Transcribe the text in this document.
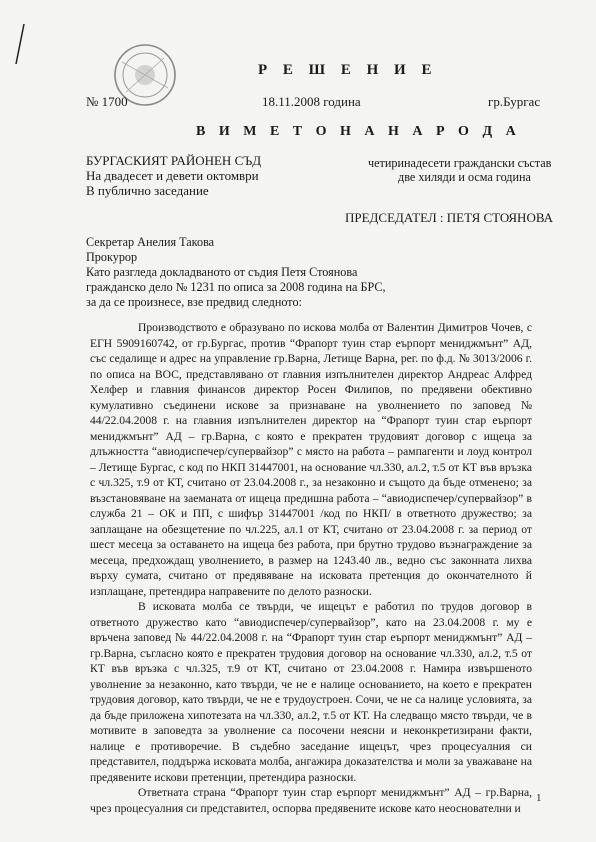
Р Е Ш Е Н И Е
№ 1700	18.11.2008 година	гр.Бургас
В И М Е Т О Н А Н А Р О Д А
БУРГАСКИЯТ РАЙОНЕН СЪД	четиринадесети граждански състав
На двадесет и девети октомври	две хиляди и осма година
В публично заседание
ПРЕДСЕДАТЕЛ : ПЕТЯ СТОЯНОВА
Секретар Анелия Такова
Прокурор
Като разгледа докладваното от съдия Петя Стоянова
гражданско дело № 1231 по описа за 2008 година на БРС,
за да се произнесе, взе предвид следното:

Производството е образувано по искова молба от Валентин Димитров Чочев, с ЕГН 5909160742, от гр.Бургас, против “Фрапорт туин стар еърпорт мениджмънт” АД, със седалище и адрес на управление гр.Варна, Летище Варна, рег. по ф.д. № 3013/2006 г. по описа на ВОС, представлявано от главния изпълнителен директор Андреас Алфред Хелфер и главния финансов директор Росен Филипов, по предявени обективно кумулативно съединени искове за признаване на уволнението по заповед № 44/22.04.2008 г. на главния изпълнителен директор на “Фрапорт туин стар еърпорт мениджмънт” АД – гр.Варна, с която е прекратен трудовият договор с ищеца за длъжността “авиодиспечер/супервайзор” с място на работа – рампагенти и лоуд контрол – Летище Бургас, с код по НКП 31447001, на основание чл.330, ал.2, т.5 от КТ във връзка с чл.325, т.9 от КТ, считано от 23.04.2008 г., за незаконно и същото да бъде отменено; за възстановяване на заеманата от ищеца предишна работа – “авиодиспечер/супервайзор” в служба 21 – ОК и ПП, с шифър 31447001 /код по НКП/ в ответното дружество; за заплащане на обезщетение по чл.225, ал.1 от КТ, считано от 23.04.2008 г. за период от шест месеца за оставането на ищеца без работа, при брутно трудово възнаграждение за месеца, предхождащ уволнението, в размер на 1243.40 лв., ведно със законната лихва върху сумата, считано от предявяване на исковата претенция до окончателното й изплащане, претендира направените по делото разноски.

В исковата молба се твърди, че ищецът е работил по трудов договор в ответното дружество като “авиодиспечер/супервайзор”, като на 23.04.2008 г. му е връчена заповед № 44/22.04.2008 г. на “Фрапорт туин стар еърпорт мениджмънт” АД – гр.Варна, съгласно която е прекратен трудовия договор на основание чл.330, ал.2, т.5 от КТ във връзка с чл.325, т.9 от КТ, считано от 23.04.2008 г. Намира извършеното уволнение за незаконно, като твърди, че не е налице основанието, на което е прекратен трудовия договор, като твърди, че не е трудоустроен. Сочи, че не са налице условията, за да бъде приложена хипотезата на чл.330, ал.2, т.5 от КТ. На следващо място твърди, че в мотивите в заповедта за уволнение са посочени неясни и неконкретизирани факти, налице е противоречие. В съдебно заседание ищецът, чрез процесуалния си представител, поддържа исковата молба, ангажира доказателства и моли за уважаване на предявените искови претенции, претендира разноски.

Ответната страна “Фрапорт туин стар еърпорт мениджмънт” АД – гр.Варна, чрез процесуалния си представител, оспорва предявените искове като неоснователни и

1
